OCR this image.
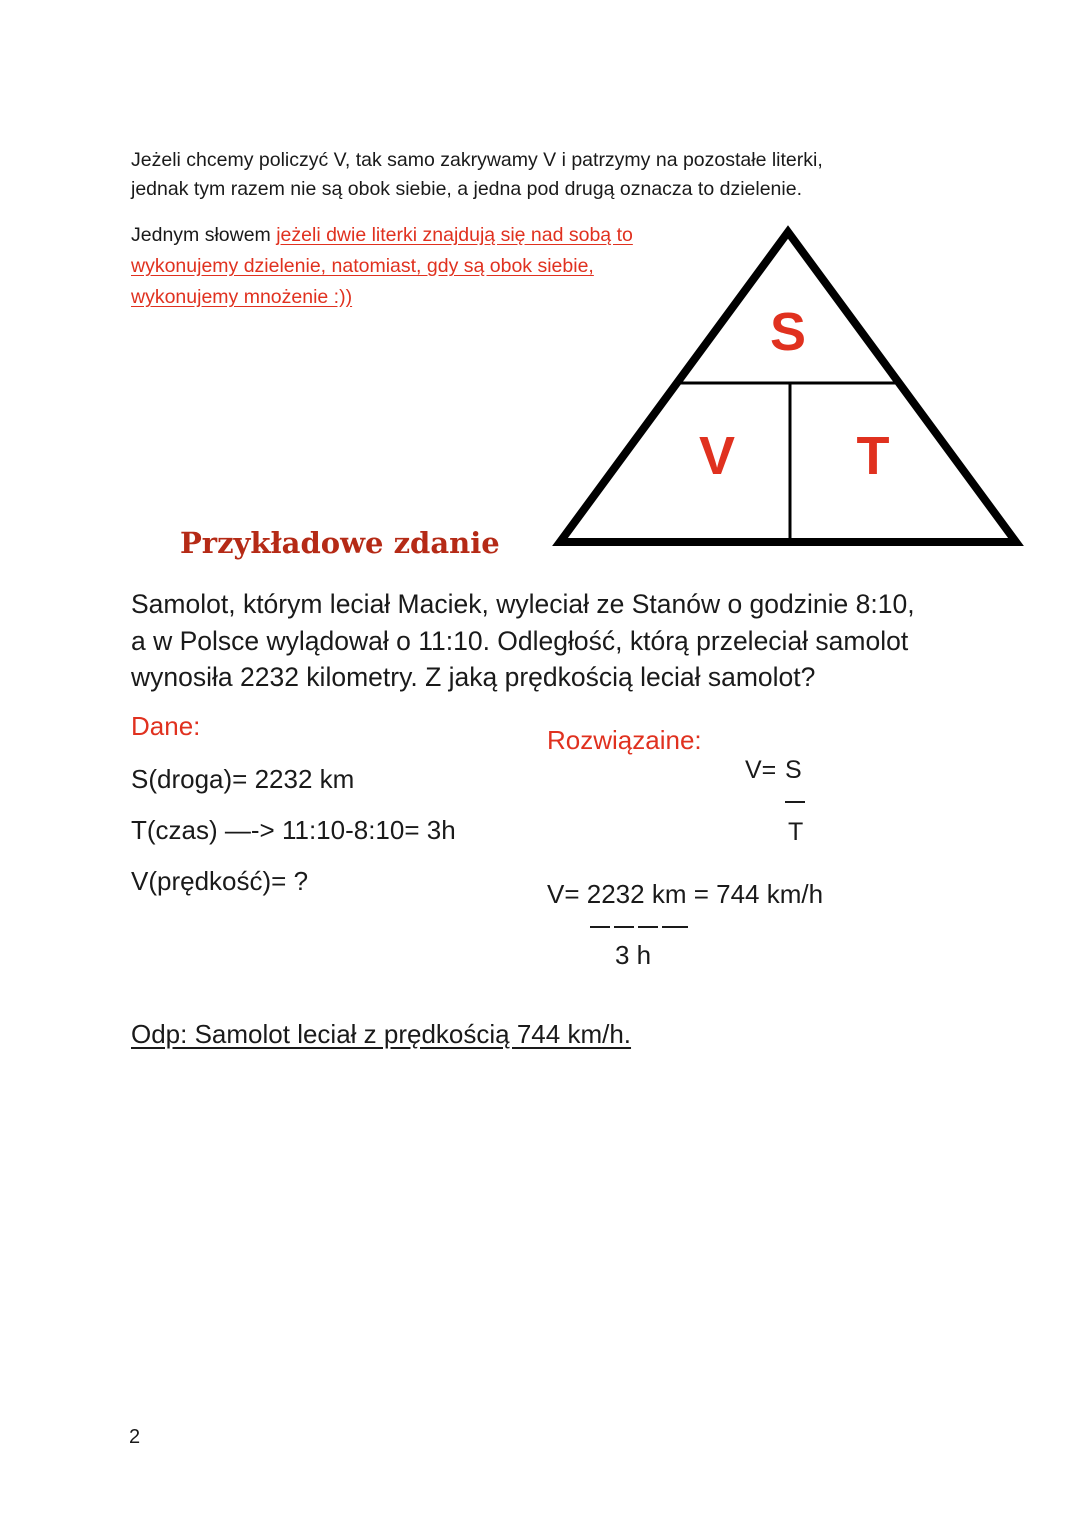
Jeżeli chcemy policzyć V, tak samo zakrywamy V i patrzymy na pozostałe literki,
jednak tym razem nie są obok siebie, a jedna pod drugą oznacza to dzielenie.
Jednym słowem jeżeli dwie literki znajdują się nad sobą to
wykonujemy dzielenie, natomiast, gdy są obok siebie,
wykonujemy mnożenie :))
S
V T
Przykładowe zdanie
Samolot, którym leciał Maciek, wyleciał ze Stanów o godzinie 8:10,
a w Polsce wylądował o 11:10. Odległość, którą przeleciał samolot
wynosiła 2232 kilometry. Z jaką prędkością leciał samolot?
Dane:
S(droga)= 2232 km
T(czas) —-> 11:10-8:10= 3h
V(prędkość)= ?
Rozwiązaine:
V= S
T
V= 2232 km = 744 km/h
3 h
Odp: Samolot leciał z prędkością 744 km/h.
2
